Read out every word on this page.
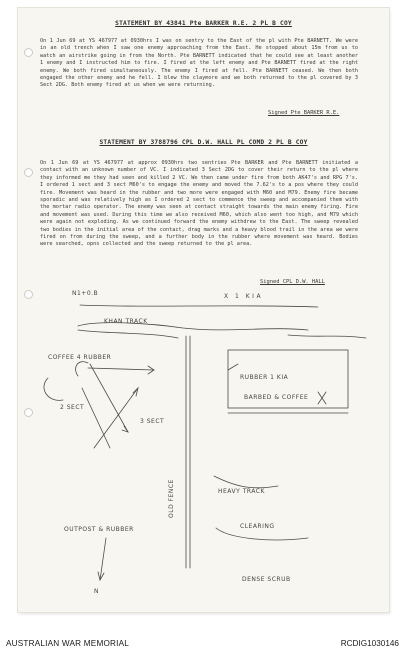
STATEMENT BY 43841 Pte BARKER R.E. 2 PL B COY
On 1 Jun 69 at YS 467977 at 0930hrs I was on sentry to the East of the pl with Pte BARNETT. We were in an old trench when I saw one enemy approaching from the East. He stopped about 15m from us to watch an airstrike going in from the North. Pte BARNETT indicated that he could see at least another 1 enemy and I instructed him to fire. I fired at the left enemy and Pte BARNETT fired at the right enemy. We both fired simultaneously. The enemy I fired at fell. Pte BARNETT ceased. We then both engaged the other enemy and he fell. I blew the claymore and we both returned to the pl covered by 3 Sect 2DG. Both enemy fired at us when we were returning.
Signed Pte BARKER R.E.
STATEMENT BY 3788796 CPL D.W. HALL PL COMD 2 PL B COY
On 1 Jun 69 at YS 467977 at approx 0930hrs two sentries Pte BARKER and Pte BARNETT initiated a contact with an unknown number of VC. I indicated 3 Sect 2DG to cover their return to the pl where they informed me they had seen and killed 2 VC. We then came under fire from both AK47's and RPG 7's. I ordered 1 sect and 3 sect M60's to engage the enemy and moved the 7.62's to a pos where they could fire. Movement was heard in the rubber and two more were engaged with M60 and M79. Enemy fire became sporadic and was relatively high as I ordered 2 sect to commence the sweep and accompanied them with the mortar radio operator. The enemy was seen at contact straight towards the main enemy firing. Fire and movement was used. During this time we also received M60, which also went too high, and M79 which were again not exploding. As we continued forward the enemy withdrew to the East. The sweep revealed two bodies in the initial area of the contact, drag marks and a heavy blood trail in the area we were fired on from during the sweep, and a further body in the rubber where movement was heard. Bodies were searched, opns collected and the sweep returned to the pl area.
Signed CPL D.W. HALL
N1+0.B	X 1 KIA
KHAN TRACK
COFFEE 4 RUBBER
2 SECT
3 SECT
RUBBER 1 KIA
BARBED & COFFEE
OLD FENCE	HEAVY TRACK
CLEARING
OUTPOST & RUBBER
DENSE SCRUB
N
AUSTRALIAN WAR MEMORIAL	RCDIG1030146
